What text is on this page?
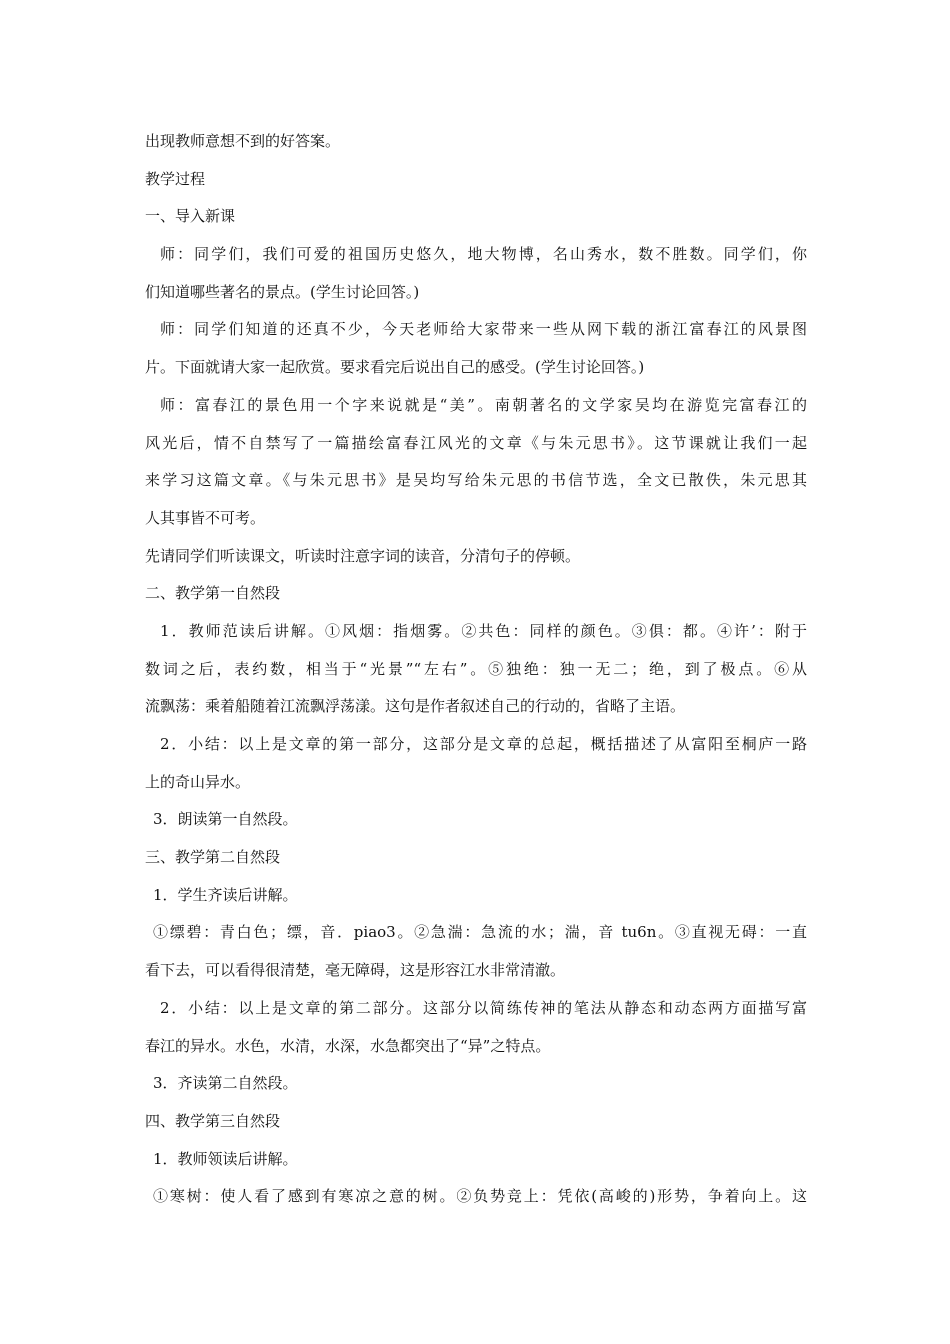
出现教师意想不到的好答案。
教学过程
一、导入新课
师：同学们，我们可爱的祖国历史悠久，地大物博，名山秀水，数不胜数。同学们，你
们知道哪些著名的景点。(学生讨论回答。)
师：同学们知道的还真不少，今天老师给大家带来一些从网下载的浙江富春江的风景图
片。下面就请大家一起欣赏。要求看完后说出自己的感受。(学生讨论回答。)
师：富春江的景色用一个字来说就是“美”。南朝著名的文学家吴均在游览完富春江的
风光后，情不自禁写了一篇描绘富春江风光的文章《与朱元思书》。这节课就让我们一起
来学习这篇文章。《与朱元思书》是吴均写给朱元思的书信节选，全文已散佚，朱元思其
人其事皆不可考。
先请同学们听读课文，听读时注意字词的读音，分清句子的停顿。
二、教学第一自然段
1．教师范读后讲解。①风烟：指烟雾。②共色：同样的颜色。③俱：都。④许’：附于
数词之后，表约数，相当于“光景”“左右”。⑤独绝：独一无二；绝，到了极点。⑥从
流飘荡：乘着船随着江流飘浮荡漾。这句是作者叙述自己的行动的，省略了主语。
2．小结：以上是文章的第一部分，这部分是文章的总起，概括描述了从富阳至桐庐一路
上的奇山异水。
3．朗读第一自然段。
三、教学第二自然段
1．学生齐读后讲解。
①缥碧：青白色；缥，音．piao3。②急湍：急流的水；湍，音 tu6n。③直视无碍：一直
看下去，可以看得很清楚，毫无障碍，这是形容江水非常清澈。
2．小结：以上是文章的第二部分。这部分以简练传神的笔法从静态和动态两方面描写富
春江的异水。水色，水清，水深，水急都突出了“异”之特点。
3．齐读第二自然段。
四、教学第三自然段
1．教师领读后讲解。
①寒树：使人看了感到有寒凉之意的树。②负势竞上：凭依(高峻的)形势，争着向上。这
